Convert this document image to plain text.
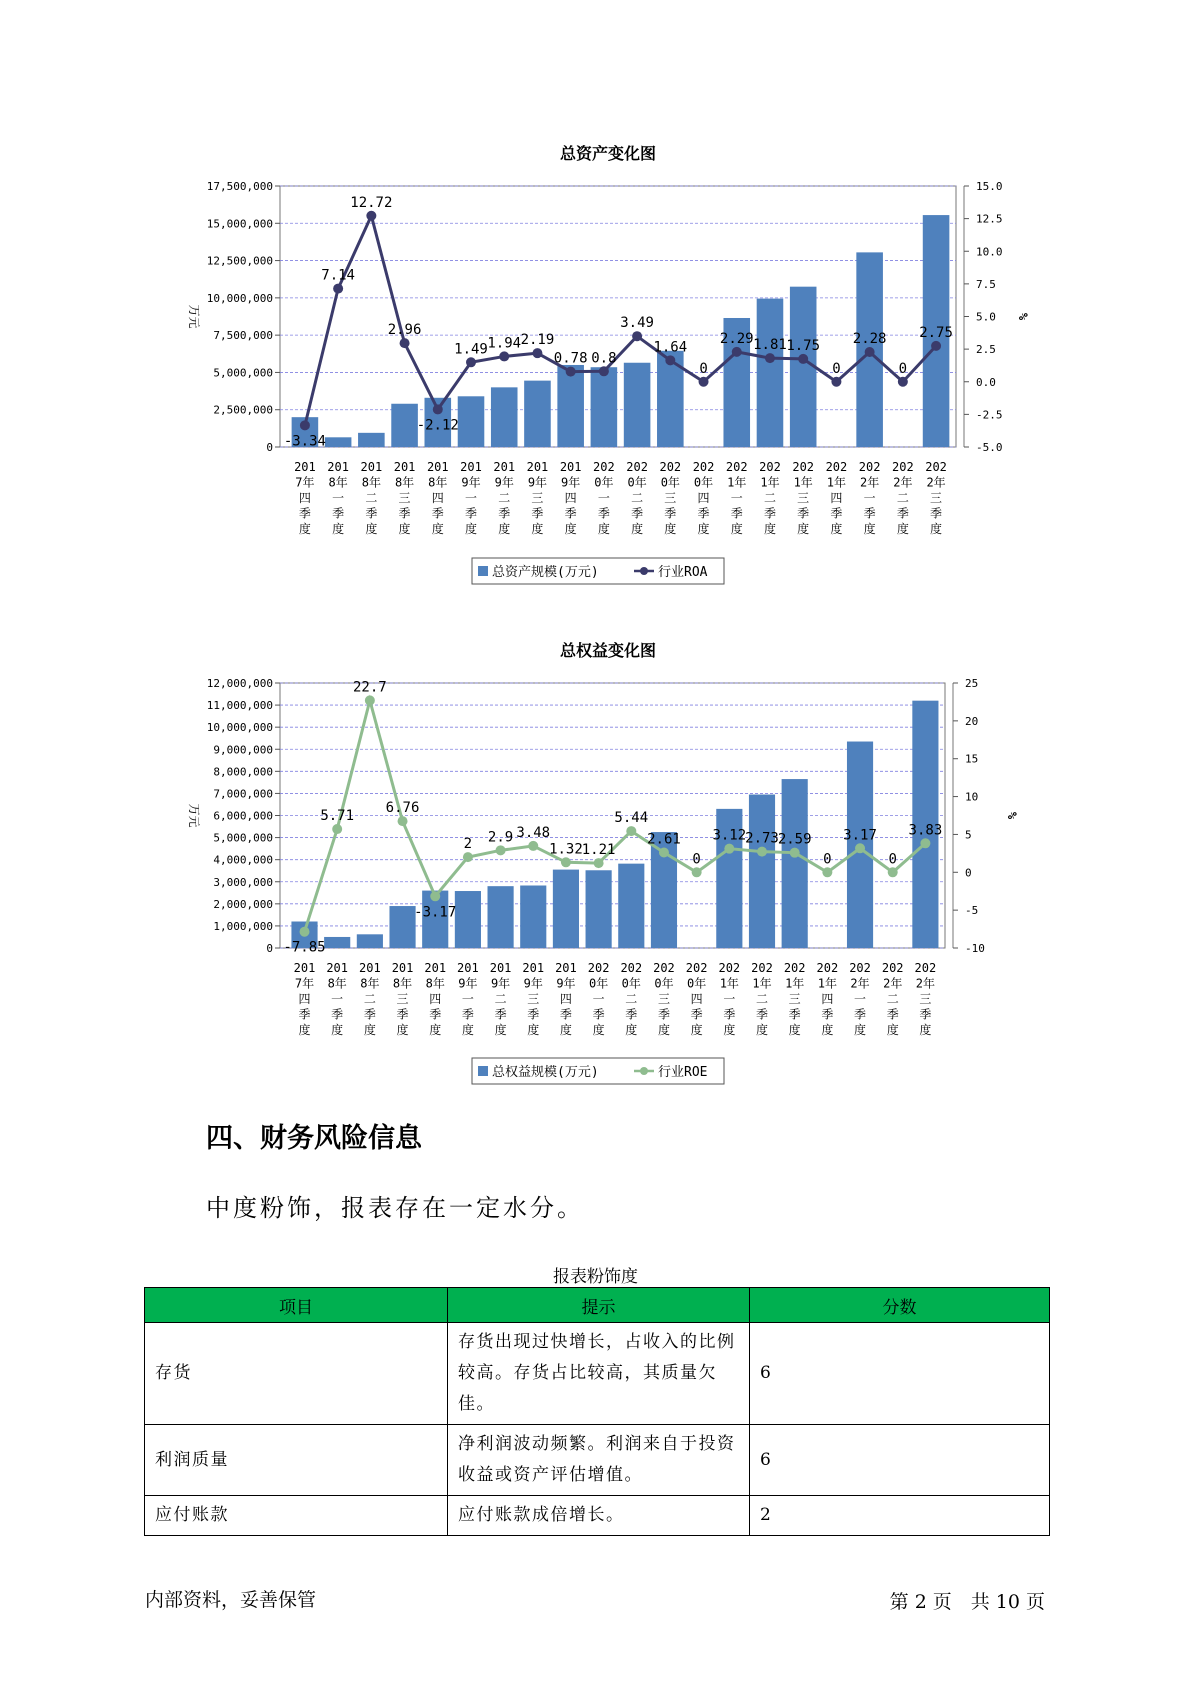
总资产变化图
0
2,500,000
5,000,000
7,500,000
10,000,000
12,500,000
15,000,000
17,500,000
-5.0
-2.5
0.0
2.5
5.0
7.5
10.0
12.5
15.0
万元	%
-3.34
7.14
12.72
2.96
-2.12
1.49 1.94 2.19
0.78 0.8
3.49
1.64
0
2.29 1.81 1.75
0
2.28
0
2.75
201
7年
四
季
度
201
8年
一
季
度
201
8年
二
季
度
201
8年
三
季
度
201
8年
四
季
度
201
9年
一
季
度
201
9年
二
季
度
201
9年
三
季
度
201
9年
四
季
度
202
0年
一
季
度
202
0年
二
季
度
202
0年
三
季
度
202
0年
四
季
度
202
1年
一
季
度
202
1年
二
季
度
202
1年
三
季
度
202
1年
四
季
度
202
2年
一
季
度
202
2年
二
季
度
202
2年
三
季
度
总资产规模(万元)	行业ROA
总权益变化图
0
1,000,000
2,000,000
3,000,000
4,000,000
5,000,000
6,000,000
7,000,000
8,000,000
9,000,000
10,000,000
11,000,000
12,000,000
-10
-5
0
5
10
15
20
25
万元	%
-7.85
5.71
22.7
6.76
-3.17
2 2.9 3.48
1.32
1.21
5.44
2.61
0
3.12
2.73
2.59
0
3.17
0
3.83
201
7年
四
季
度
201
8年
一
季
度
201
8年
二
季
度
201
8年
三
季
度
201
8年
四
季
度
201
9年
一
季
度
201
9年
二
季
度
201
9年
三
季
度
201
9年
四
季
度
202
0年
一
季
度
202
0年
二
季
度
202
0年
三
季
度
202
0年
四
季
度
202
1年
一
季
度
202
1年
二
季
度
202
1年
三
季
度
202
1年
四
季
度
202
2年
一
季
度
202
2年
二
季
度
202
2年
三
季
度
总权益规模(万元)	行业ROE
四、财务风险信息

中度粉饰，报表存在一定水分。

报表粉饰度
项目	提示	分数
存货	存货出现过快增长，占收入的比例较高。存货占比较高，其质量欠佳。	6
利润质量	净利润波动频繁。利润来自于投资收益或资产评估增值。	6
应付账款	应付账款成倍增长。	2
内部资料，妥善保管	第 2 页　共 10 页
